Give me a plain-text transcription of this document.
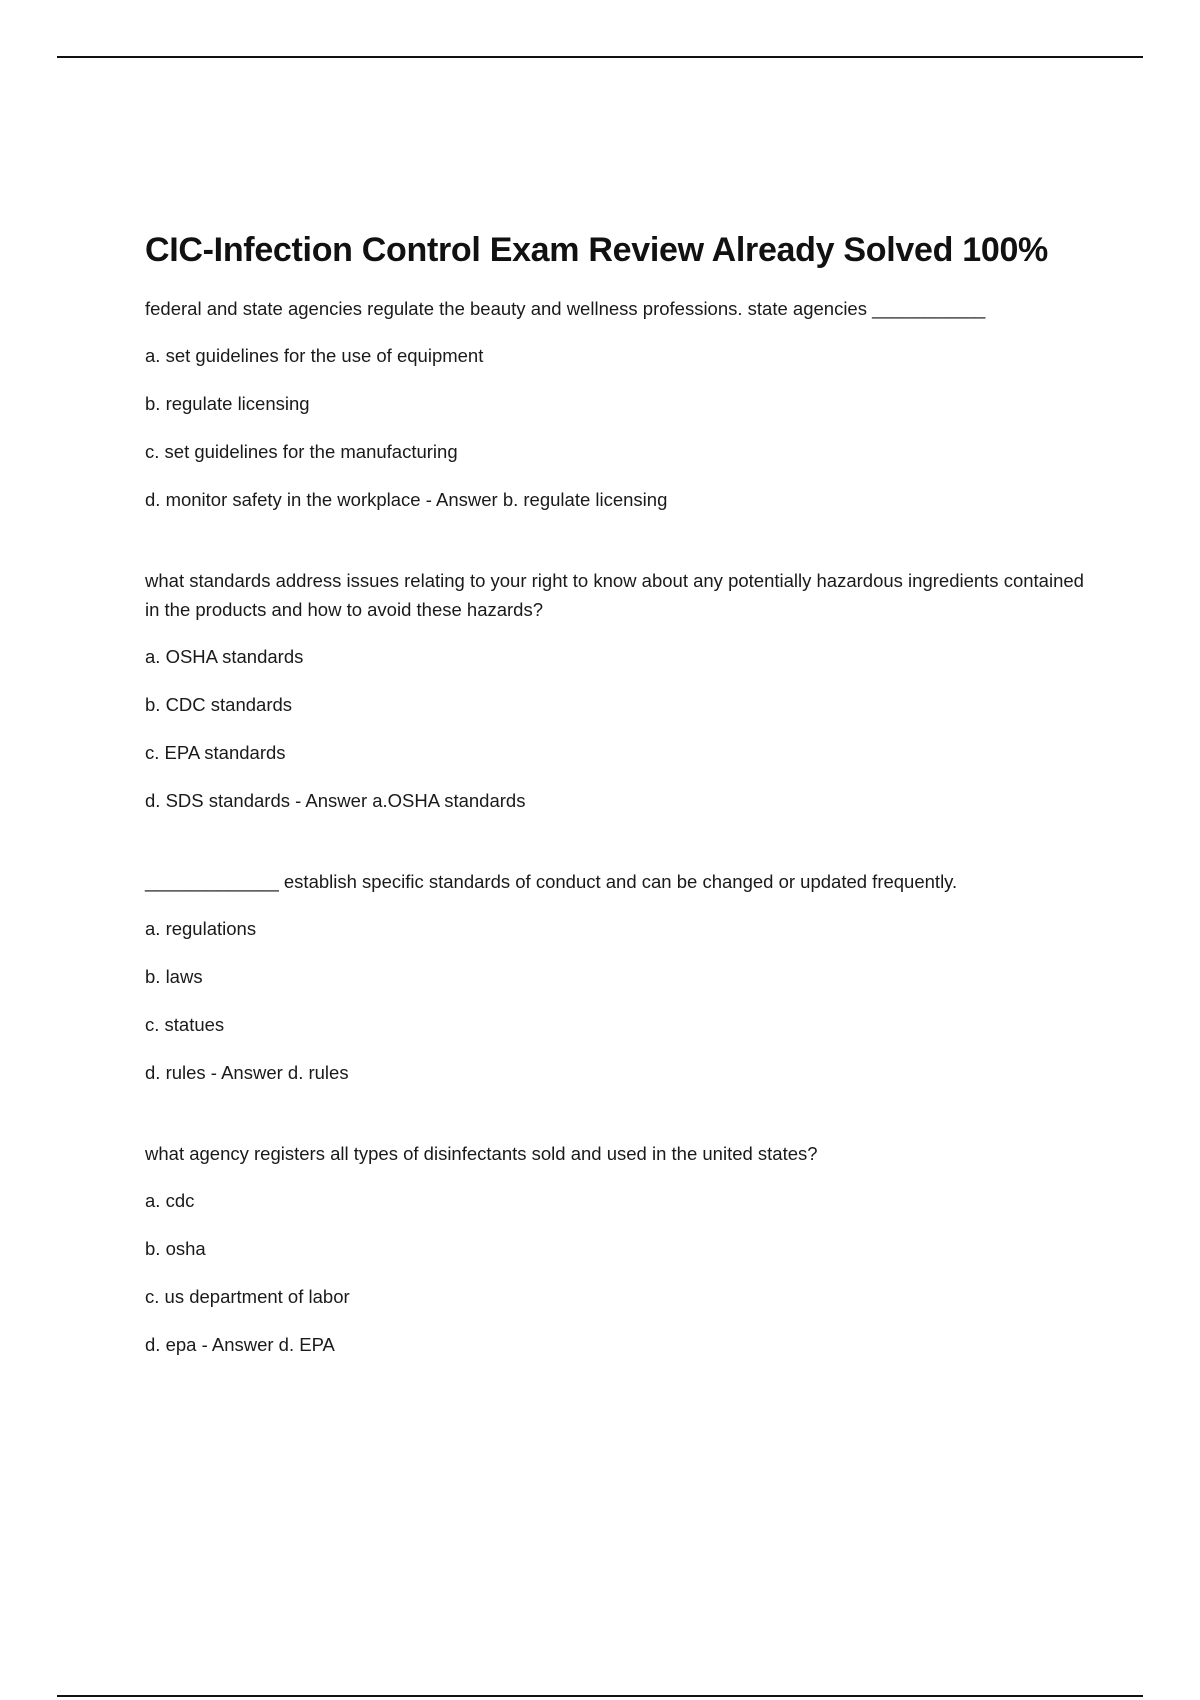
CIC-Infection Control Exam Review Already Solved 100%

federal and state agencies regulate the beauty and wellness professions. state agencies ___________

a. set guidelines for the use of equipment

b. regulate licensing

c. set guidelines for the manufacturing

d. monitor safety in the workplace - Answer b. regulate licensing

what standards address issues relating to your right to know about any potentially hazardous ingredients contained in the products and how to avoid these hazards?

a. OSHA standards

b. CDC standards

c. EPA standards

d. SDS standards - Answer a.OSHA standards

_____________ establish specific standards of conduct and can be changed or updated frequently.

a. regulations

b. laws

c. statues

d. rules - Answer d. rules

what agency registers all types of disinfectants sold and used in the united states?

a. cdc

b. osha

c. us department of labor

d. epa - Answer d. EPA
